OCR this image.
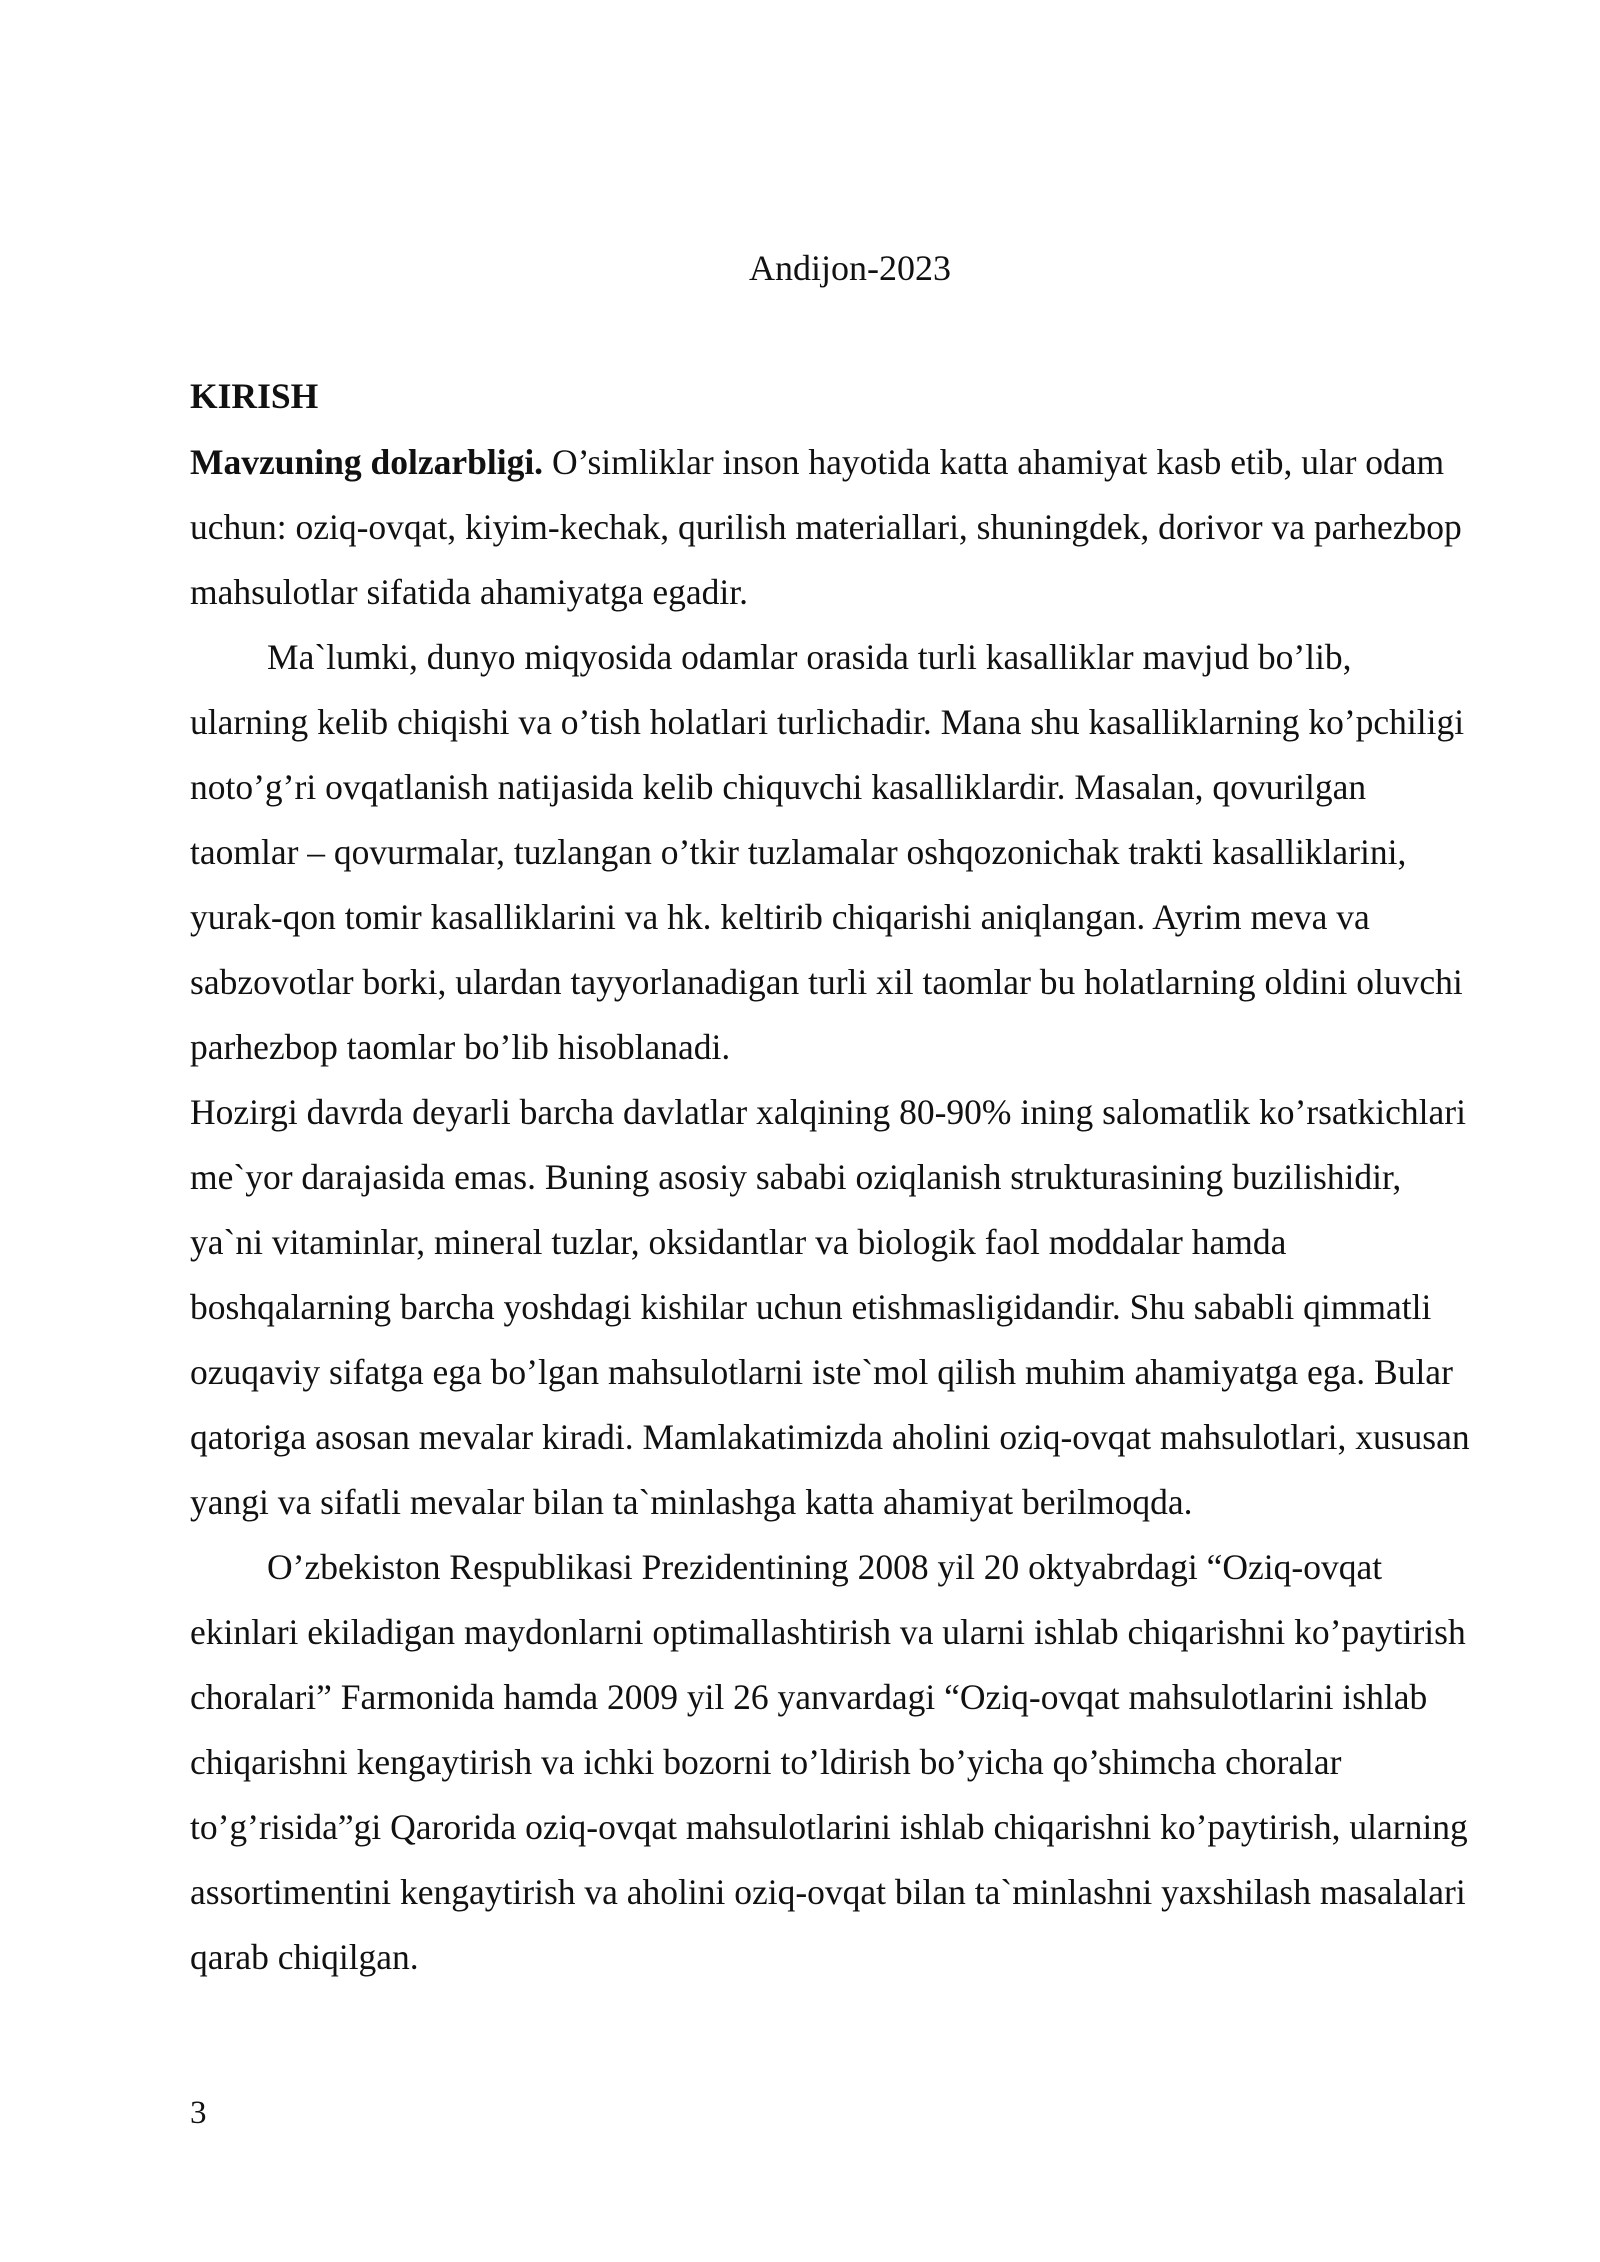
Andijon-2023
KIRISH

Mavzuning dolzarbligi. O’simliklar inson hayotida katta ahamiyat kasb etib, ular odam uchun: oziq-ovqat, kiyim-kechak, qurilish materiallari, shuningdek, dorivor va parhezbop mahsulotlar sifatida ahamiyatga egadir.

Ma`lumki, dunyo miqyosida odamlar orasida turli kasalliklar mavjud bo’lib, ularning kelib chiqishi va o’tish holatlari turlichadir. Mana shu kasalliklarning ko’pchiligi noto’g’ri ovqatlanish natijasida kelib chiquvchi kasalliklardir. Masalan, qovurilgan taomlar – qovurmalar, tuzlangan o’tkir tuzlamalar oshqozonichak trakti kasalliklarini, yurak-qon tomir kasalliklarini va hk. keltirib chiqarishi aniqlangan. Ayrim meva va sabzovotlar borki, ulardan tayyorlanadigan turli xil taomlar bu holatlarning oldini oluvchi parhezbop taomlar bo’lib hisoblanadi.

Hozirgi davrda deyarli barcha davlatlar xalqining 80-90% ining salomatlik ko’rsatkichlari me`yor darajasida emas. Buning asosiy sababi oziqlanish strukturasining buzilishidir, ya`ni vitaminlar, mineral tuzlar, oksidantlar va biologik faol moddalar hamda boshqalarning barcha yoshdagi kishilar uchun etishmasligidandir. Shu sababli qimmatli ozuqaviy sifatga ega bo’lgan mahsulotlarni iste`mol qilish muhim ahamiyatga ega. Bular qatoriga asosan mevalar kiradi. Mamlakatimizda aholini oziq-ovqat mahsulotlari, xususan yangi va sifatli mevalar bilan ta`minlashga katta ahamiyat berilmoqda.

O’zbekiston Respublikasi Prezidentining 2008 yil 20 oktyabrdagi “Oziq-ovqat ekinlari ekiladigan maydonlarni optimallashtirish va ularni ishlab chiqarishni ko’paytirish choralari” Farmonida hamda 2009 yil 26 yanvardagi “Oziq-ovqat mahsulotlarini ishlab chiqarishni kengaytirish va ichki bozorni to’ldirish bo’yicha qo’shimcha choralar to’g’risida”gi Qarorida oziq-ovqat mahsulotlarini ishlab chiqarishni ko’paytirish, ularning assortimentini kengaytirish va aholini oziq-ovqat bilan ta`minlashni yaxshilash masalalari qarab chiqilgan.

3
